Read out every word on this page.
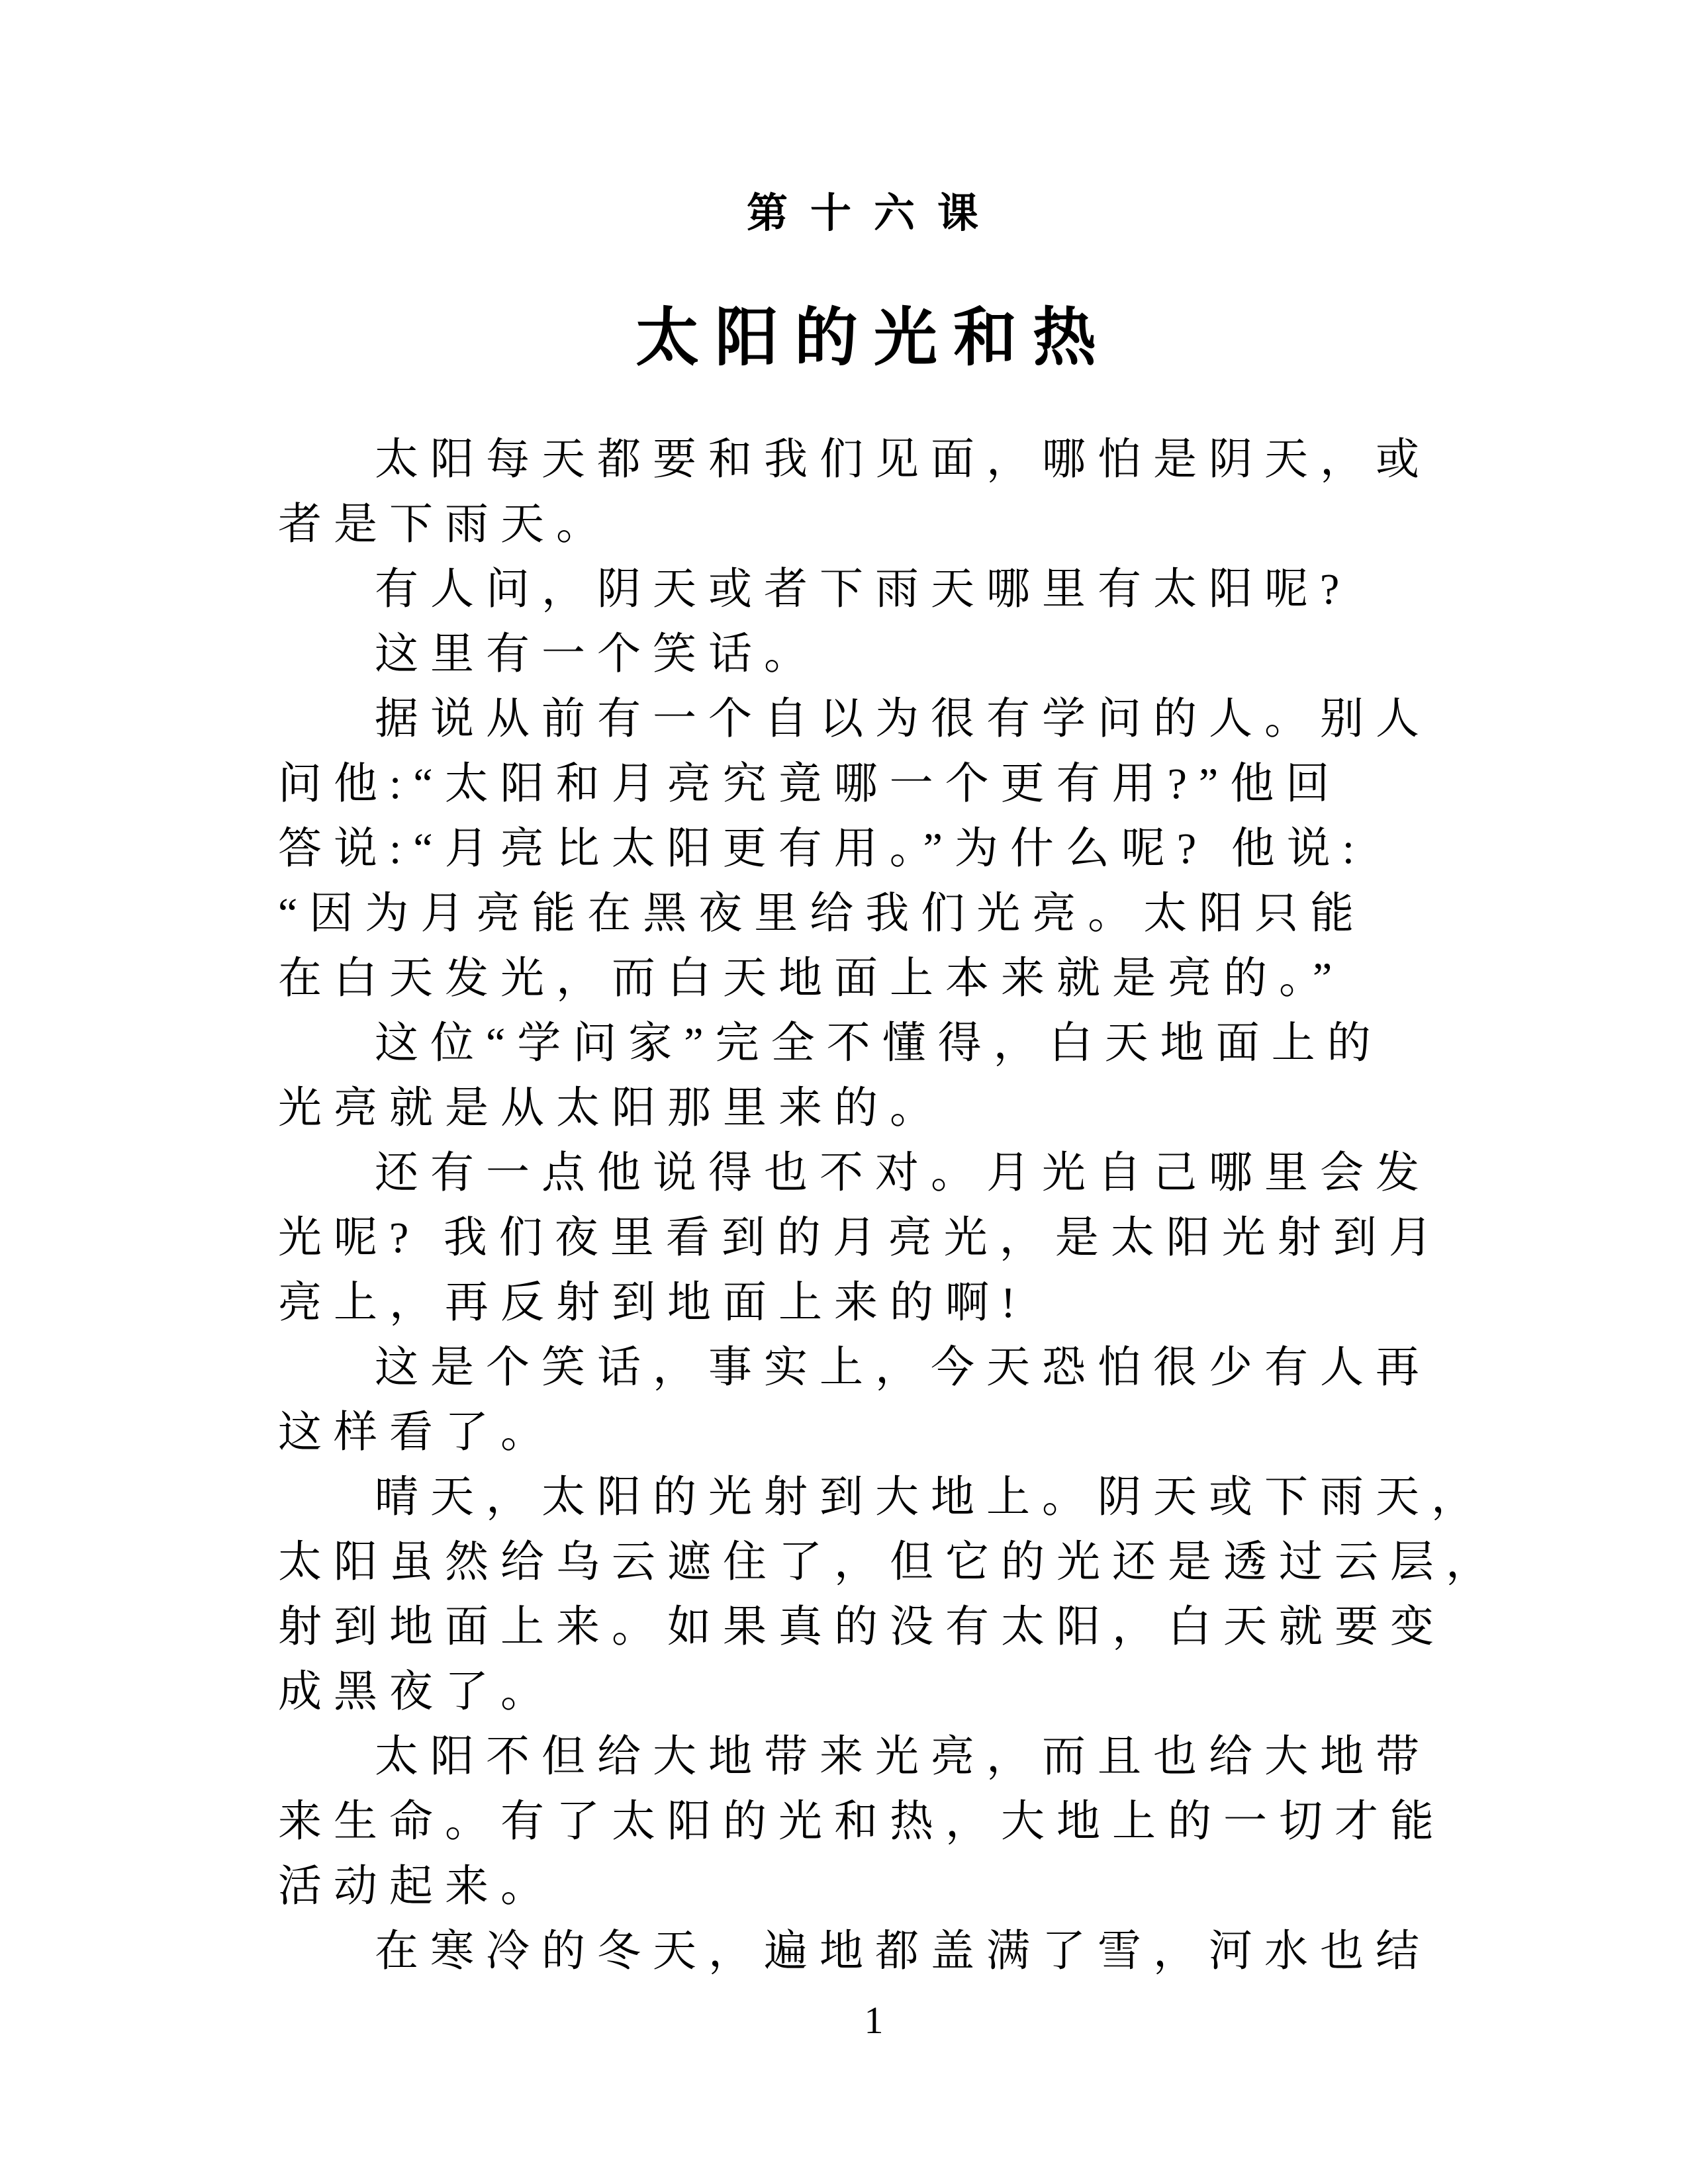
第十六课
太阳的光和热
太阳每天都要和我们见面，哪怕是阴天，或
者是下雨天。
有人问，阴天或者下雨天哪里有太阳呢?
这里有一个笑话。
据说从前有一个自以为很有学问的人。别人
问他:“太阳和月亮究竟哪一个更有用?”他回
答说:“月亮比太阳更有用。”为什么呢? 他说:
“因为月亮能在黑夜里给我们光亮。太阳只能
在白天发光，而白天地面上本来就是亮的。”
这位“学问家”完全不懂得，白天地面上的
光亮就是从太阳那里来的。
还有一点他说得也不对。月光自己哪里会发
光呢? 我们夜里看到的月亮光，是太阳光射到月
亮上，再反射到地面上来的啊!
这是个笑话，事实上，今天恐怕很少有人再
这样看了。
晴天，太阳的光射到大地上。阴天或下雨天，
太阳虽然给乌云遮住了，但它的光还是透过云层，
射到地面上来。如果真的没有太阳，白天就要变
成黑夜了。
太阳不但给大地带来光亮，而且也给大地带
来生命。有了太阳的光和热，大地上的一切才能
活动起来。
在寒冷的冬天，遍地都盖满了雪，河水也结
1
